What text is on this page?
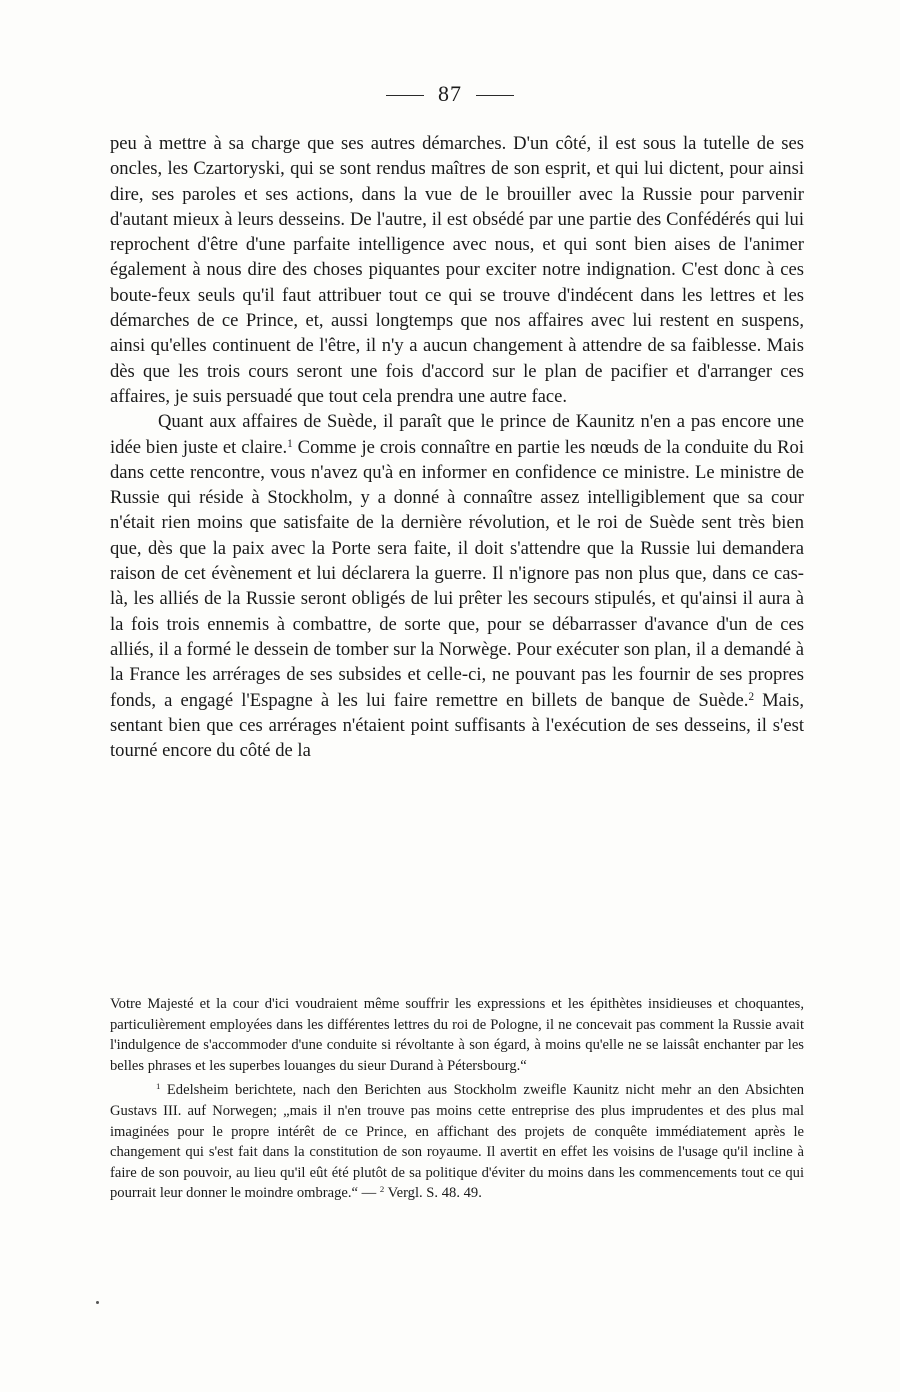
87

peu à mettre à sa charge que ses autres démarches. D'un côté, il est sous la tutelle de ses oncles, les Czartoryski, qui se sont rendus maîtres de son esprit, et qui lui dictent, pour ainsi dire, ses paroles et ses actions, dans la vue de le brouiller avec la Russie pour parvenir d'autant mieux à leurs desseins. De l'autre, il est obsédé par une partie des Confédérés qui lui reprochent d'être d'une parfaite intelligence avec nous, et qui sont bien aises de l'animer également à nous dire des choses piquantes pour exciter notre indignation. C'est donc à ces boute-feux seuls qu'il faut attribuer tout ce qui se trouve d'indécent dans les lettres et les démarches de ce Prince, et, aussi longtemps que nos affaires avec lui restent en suspens, ainsi qu'elles continuent de l'être, il n'y a aucun changement à attendre de sa faiblesse. Mais dès que les trois cours seront une fois d'accord sur le plan de pacifier et d'arranger ces affaires, je suis persuadé que tout cela prendra une autre face.

Quant aux affaires de Suède, il paraît que le prince de Kaunitz n'en a pas encore une idée bien juste et claire.$^1$ Comme je crois connaître en partie les nœuds de la conduite du Roi dans cette rencontre, vous n'avez qu'à en informer en confidence ce ministre. Le ministre de Russie qui réside à Stockholm, y a donné à connaître assez intelligiblement que sa cour n'était rien moins que satisfaite de la dernière révolution, et le roi de Suède sent très bien que, dès que la paix avec la Porte sera faite, il doit s'attendre que la Russie lui demandera raison de cet évènement et lui déclarera la guerre. Il n'ignore pas non plus que, dans ce cas-là, les alliés de la Russie seront obligés de lui prêter les secours stipulés, et qu'ainsi il aura à la fois trois ennemis à combattre, de sorte que, pour se débarrasser d'avance d'un de ces alliés, il a formé le dessein de tomber sur la Norwège. Pour exécuter son plan, il a demandé à la France les arrérages de ses subsides et celle-ci, ne pouvant pas les fournir de ses propres fonds, a engagé l'Espagne à les lui faire remettre en billets de banque de Suède.$^2$ Mais, sentant bien que ces arrérages n'étaient point suffisants à l'exécution de ses desseins, il s'est tourné encore du côté de la

Votre Majesté et la cour d'ici voudraient même souffrir les expressions et les épithètes insidieuses et choquantes, particulièrement employées dans les différentes lettres du roi de Pologne, il ne concevait pas comment la Russie avait l'indulgence de s'accommoder d'une conduite si révoltante à son égard, à moins qu'elle ne se laissât enchanter par les belles phrases et les superbes louanges du sieur Durand à Pétersbourg.“

$^1$ Edelsheim berichtete, nach den Berichten aus Stockholm zweifle Kaunitz nicht mehr an den Absichten Gustavs III. auf Norwegen; „mais il n'en trouve pas moins cette entreprise des plus imprudentes et des plus mal imaginées pour le propre intérêt de ce Prince, en affichant des projets de conquête immédiatement après le changement qui s'est fait dans la constitution de son royaume. Il avertit en effet les voisins de l'usage qu'il incline à faire de son pouvoir, au lieu qu'il eût été plutôt de sa politique d'éviter du moins dans les commencements tout ce qui pourrait leur donner le moindre ombrage.“ — $^2$ Vergl. S. 48. 49.
